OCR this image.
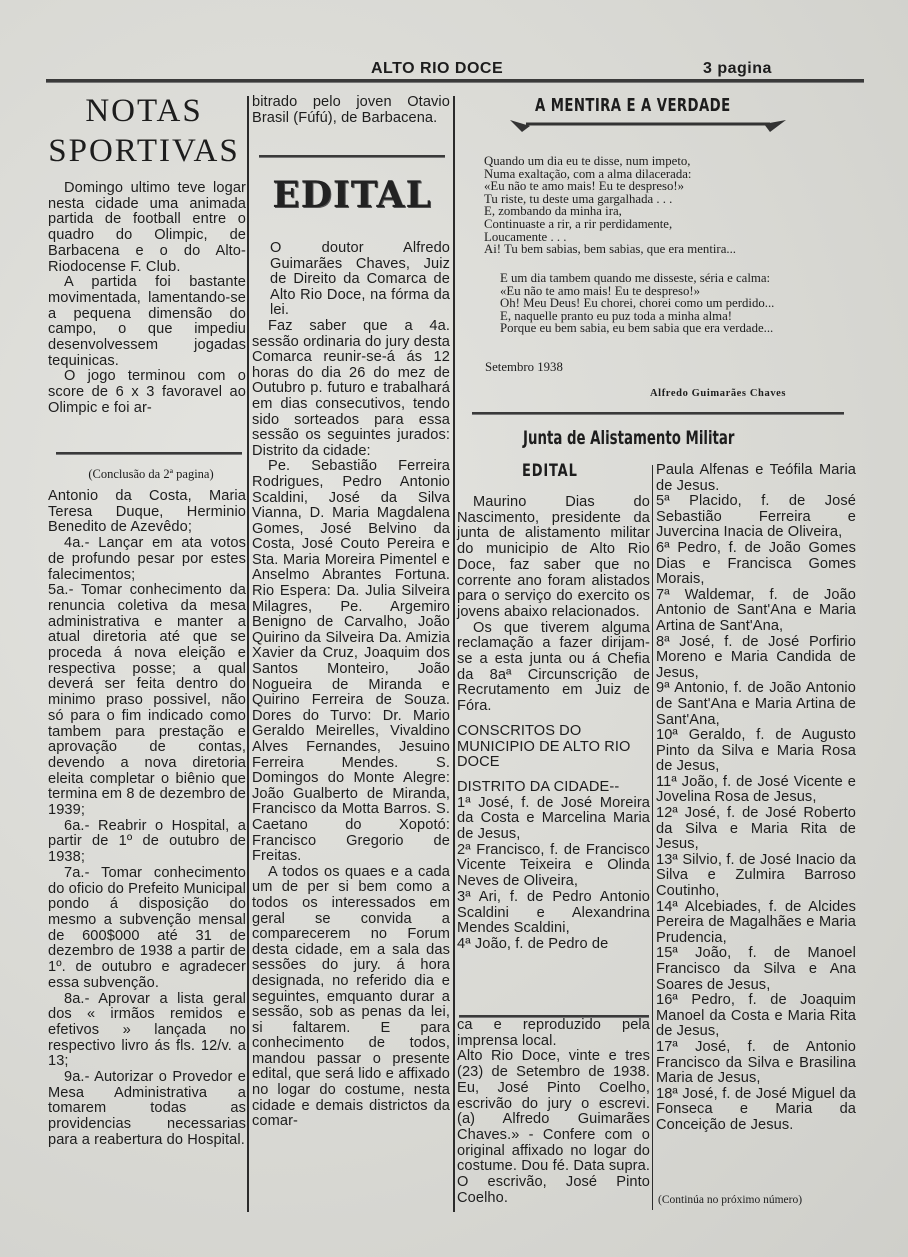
ALTO RIO DOCE	3 pagina
NOTAS
SPORTIVAS

Domingo ultimo teve logar nesta cidade uma animada partida de football entre o quadro do Olimpic, de Barbacena e o do Alto-Riodocense F. Club.

A partida foi bastante movimentada, lamentando-se a pequena dimensão do campo, o que impediu desenvolvessem jogadas tequinicas.

O jogo terminou com o score de 6 x 3 favoravel ao Olimpic e foi ar-

(Conclusão da 2ª pagina)

Antonio da Costa, Maria Teresa Duque, Herminio Benedito de Azevêdo;

4a.- Lançar em ata votos de profundo pesar por estes falecimentos;

5a.- Tomar conhecimento da renuncia coletiva da mesa administrativa e manter a atual diretoria até que se proceda á nova eleição e respectiva posse; a qual deverá ser feita dentro do minimo praso possivel, não só para o fim indicado como tambem para prestação e aprovação de contas, devendo a nova diretoria eleita completar o biênio que termina em 8 de dezembro de 1939;

6a.- Reabrir o Hospital, a partir de 1º de outubro de 1938;

7a.- Tomar conhecimento do oficio do Prefeito Municipal pondo á disposição do mesmo a subvenção mensal de 600$000 até 31 de dezembro de 1938 a partir de 1º. de outubro e agradecer essa subvenção.

8a.- Aprovar a lista geral dos « irmãos remidos e efetivos » lançada no respectivo livro ás fls. 12/v. a 13;

9a.- Autorizar o Provedor e Mesa Administrativa a tomarem todas as providencias necessarias para a reabertura do Hospital.

bitrado pelo joven Otavio Brasil (Fúfú), de Barbacena.
EDITAL

O doutor Alfredo Guimarães Chaves, Juiz de Direito da Comarca de Alto Rio Doce, na fórma da lei.

Faz saber que a 4a. sessão ordinaria do jury desta Comarca reunir-se-á ás 12 horas do dia 26 do mez de Outubro p. futuro e trabalhará em dias consecutivos, tendo sido sorteados para essa sessão os seguintes jurados: Distrito da cidade:

Pe. Sebastião Ferreira Rodrigues, Pedro Antonio Scaldini, José da Silva Vianna, D. Maria Magdalena Gomes, José Belvino da Costa, José Couto Pereira e Sta. Maria Moreira Pimentel e Anselmo Abrantes Fortuna. Rio Espera: Da. Julia Silveira Milagres, Pe. Argemiro Benigno de Carvalho, João Quirino da Silveira Da. Amizia Xavier da Cruz, Joaquim dos Santos Monteiro, João Nogueira de Miranda e Quirino Ferreira de Souza. Dores do Turvo: Dr. Mario Geraldo Meirelles, Vivaldino Alves Fernandes, Jesuino Ferreira Mendes. S. Domingos do Monte Alegre: João Gualberto de Miranda, Francisco da Motta Barros. S. Caetano do Xopotó: Francisco Gregorio de Freitas.

A todos os quaes e a cada um de per si bem como a todos os interessados em geral se convida a comparecerem no Forum desta cidade, em a sala das sessões do jury. á hora designada, no referido dia e seguintes, emquanto durar a sessão, sob as penas da lei, si faltarem. E para conhecimento de todos, mandou passar o presente edital, que será lido e affixado no logar do costume, nesta cidade e demais districtos da comar-

A MENTIRA E A VERDADE

Quando um dia eu te disse, num impeto,

Numa exaltação, com a alma dilacerada:

«Eu não te amo mais! Eu te despreso!»

Tu riste, tu deste uma gargalhada . . .

E, zombando da minha ira,

Continuaste a rir, a rir perdidamente,

Loucamente . . .

Ai! Tu bem sabias, bem sabias, que era mentira...

E um dia tambem quando me disseste, séria e calma:

«Eu não te amo mais! Eu te despreso!»

Oh! Meu Deus! Eu chorei, chorei como um perdido...

E, naquelle pranto eu puz toda a minha alma!

Porque eu bem sabia, eu bem sabia que era verdade...

Setembro 1938
Alfredo Guimarães Chaves
Junta de Alistamento Militar
EDITAL

Maurino Dias do Nascimento, presidente da junta de alistamento militar do municipio de Alto Rio Doce, faz saber que no corrente ano foram alistados para o serviço do exercito os jovens abaixo relacionados.

Os que tiverem alguma reclamação a fazer dirijam-se a esta junta ou á Chefia da 8aª Circunscrição de Recrutamento em Juiz de Fóra.

CONSCRITOS DO MUNICIPIO DE ALTO RIO DOCE

DISTRITO DA CIDADE--

1ª José, f. de José Moreira da Costa e Marcelina Maria de Jesus,

2ª Francisco, f. de Francisco Vicente Teixeira e Olinda Neves de Oliveira,

3ª Ari, f. de Pedro Antonio Scaldini e Alexandrina Mendes Scaldini,

4ª João, f. de Pedro de

ca e reproduzido pela imprensa local.

Alto Rio Doce, vinte e tres (23) de Setembro de 1938. Eu, José Pinto Coelho, escrivão do jury o escrevi. (a) Alfredo Guimarães Chaves.» - Confere com o original affixado no logar do costume. Dou fé. Data supra. O escrivão, José Pinto Coelho.

Paula Alfenas e Teófila Maria de Jesus.

5ª Placido, f. de José Sebastião Ferreira e Juvercina Inacia de Oliveira,

6ª Pedro, f. de João Gomes Dias e Francisca Gomes Morais,

7ª Waldemar, f. de João Antonio de Sant'Ana e Maria Artina de Sant'Ana,

8ª José, f. de José Porfirio Moreno e Maria Candida de Jesus,

9ª Antonio, f. de João Antonio de Sant'Ana e Maria Artina de Sant'Ana,

10ª Geraldo, f. de Augusto Pinto da Silva e Maria Rosa de Jesus,

11ª João, f. de José Vicente e Jovelina Rosa de Jesus,

12ª José, f. de José Roberto da Silva e Maria Rita de Jesus,

13ª Silvio, f. de José Inacio da Silva e Zulmira Barroso Coutinho,

14ª Alcebiades, f. de Alcides Pereira de Magalhães e Maria Prudencia,

15ª João, f. de Manoel Francisco da Silva e Ana Soares de Jesus,

16ª Pedro, f. de Joaquim Manoel da Costa e Maria Rita de Jesus,

17ª José, f. de Antonio Francisco da Silva e Brasilina Maria de Jesus,

18ª José, f. de José Miguel da Fonseca e Maria da Conceição de Jesus.

(Continúa no próximo número)
